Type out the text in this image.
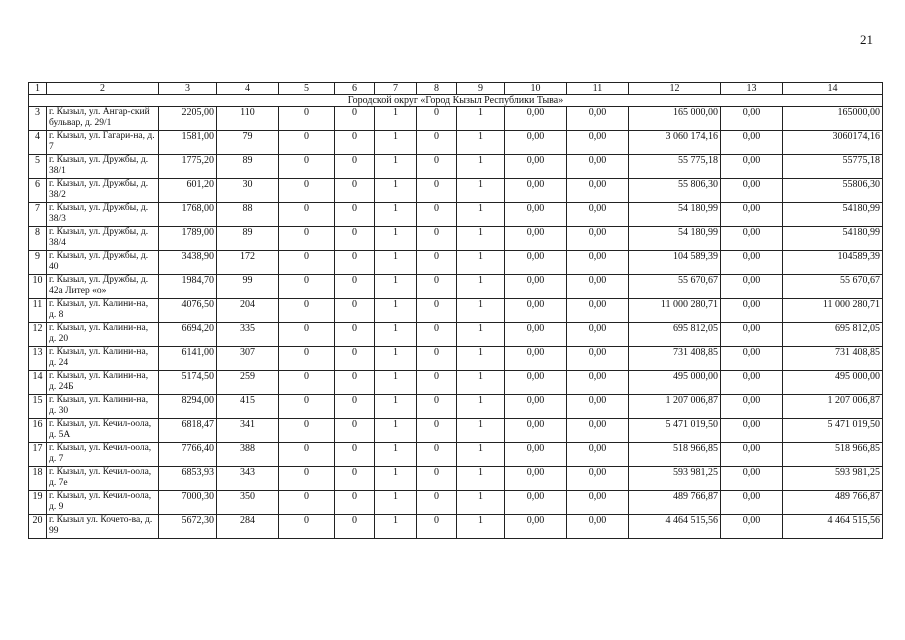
21
1	2	3	4	5	6	7	8	9	10	11	12	13	14
Городской округ «Город Кызыл Республики Тыва»													
3	г. Кызыл, ул. Ангар-ский бульвар, д. 29/1	2205,00	110	0	0	1	0	1	0,00	0,00	165 000,00	0,00	165000,00
4	г. Кызыл, ул. Гагари-на, д. 7	1581,00	79	0	0	1	0	1	0,00	0,00	3 060 174,16	0,00	3060174,16
5	г. Кызыл, ул. Дружбы, д. 38/1	1775,20	89	0	0	1	0	1	0,00	0,00	55 775,18	0,00	55775,18
6	г. Кызыл, ул. Дружбы, д. 38/2	601,20	30	0	0	1	0	1	0,00	0,00	55 806,30	0,00	55806,30
7	г. Кызыл, ул. Дружбы, д. 38/3	1768,00	88	0	0	1	0	1	0,00	0,00	54 180,99	0,00	54180,99
8	г. Кызыл, ул. Дружбы, д. 38/4	1789,00	89	0	0	1	0	1	0,00	0,00	54 180,99	0,00	54180,99
9	г. Кызыл, ул. Дружбы, д. 40	3438,90	172	0	0	1	0	1	0,00	0,00	104 589,39	0,00	104589,39
10	г. Кызыл, ул. Дружбы, д. 42а Литер «о»	1984,70	99	0	0	1	0	1	0,00	0,00	55 670,67	0,00	55 670,67
11	г. Кызыл, ул. Калини-на, д. 8	4076,50	204	0	0	1	0	1	0,00	0,00	11 000 280,71	0,00	11 000 280,71
12	г. Кызыл, ул. Калини-на, д. 20	6694,20	335	0	0	1	0	1	0,00	0,00	695 812,05	0,00	695 812,05
13	г. Кызыл, ул. Калини-на, д. 24	6141,00	307	0	0	1	0	1	0,00	0,00	731 408,85	0,00	731 408,85
14	г. Кызыл, ул. Калини-на, д. 24Б	5174,50	259	0	0	1	0	1	0,00	0,00	495 000,00	0,00	495 000,00
15	г. Кызыл, ул. Калини-на, д. 30	8294,00	415	0	0	1	0	1	0,00	0,00	1 207 006,87	0,00	1 207 006,87
16	г. Кызыл, ул. Кечил-оола, д. 5А	6818,47	341	0	0	1	0	1	0,00	0,00	5 471 019,50	0,00	5 471 019,50
17	г. Кызыл, ул. Кечил-оола, д. 7	7766,40	388	0	0	1	0	1	0,00	0,00	518 966,85	0,00	518 966,85
18	г. Кызыл, ул. Кечил-оола, д. 7е	6853,93	343	0	0	1	0	1	0,00	0,00	593 981,25	0,00	593 981,25
19	г. Кызыл, ул. Кечил-оола, д. 9	7000,30	350	0	0	1	0	1	0,00	0,00	489 766,87	0,00	489 766,87
20	г. Кызыл ул. Кочето-ва, д. 99	5672,30	284	0	0	1	0	1	0,00	0,00	4 464 515,56	0,00	4 464 515,56
